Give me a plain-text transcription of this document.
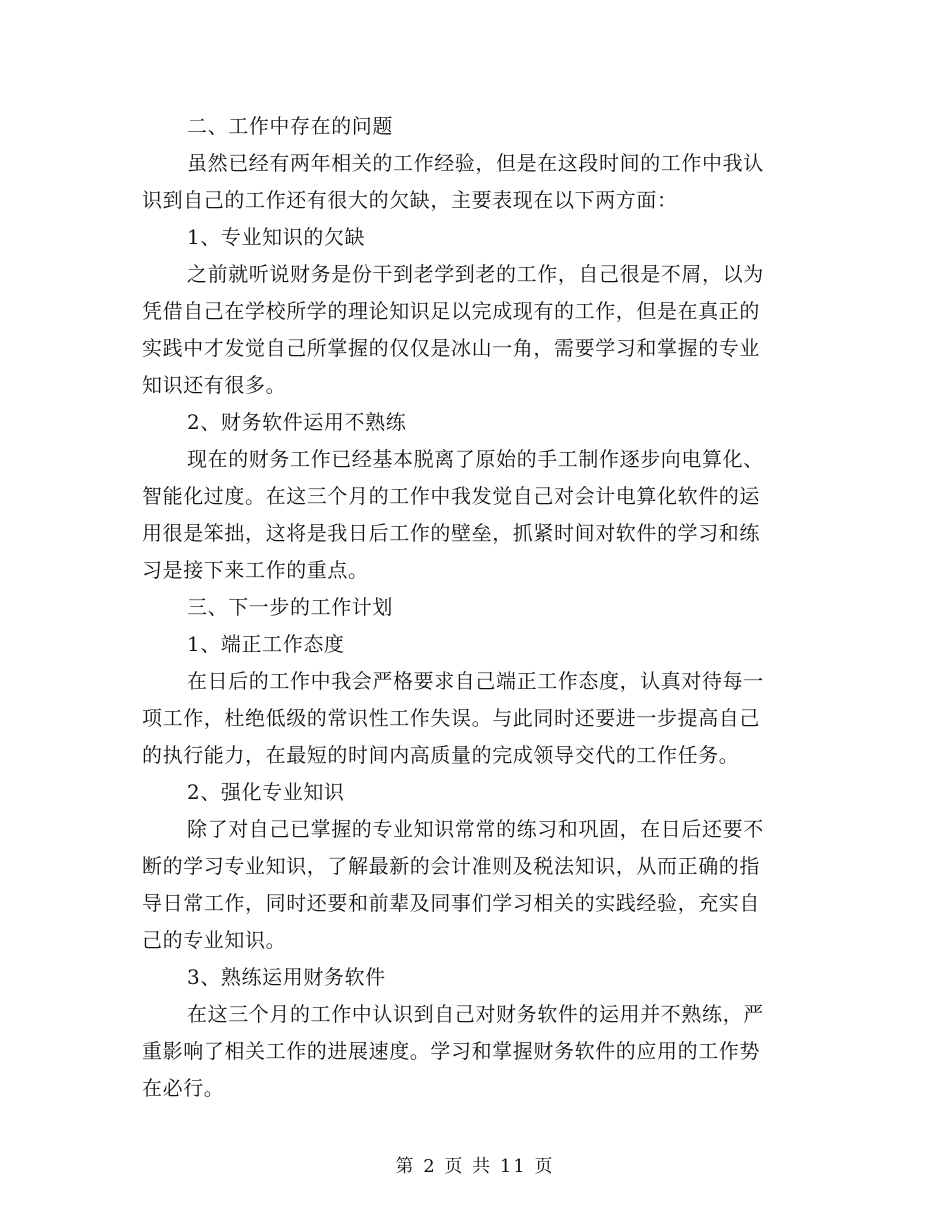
二、工作中存在的问题

虽然已经有两年相关的工作经验，但是在这段时间的工作中我认

识到自己的工作还有很大的欠缺，主要表现在以下两方面：

1、专业知识的欠缺

之前就听说财务是份干到老学到老的工作，自己很是不屑，以为

凭借自己在学校所学的理论知识足以完成现有的工作，但是在真正的

实践中才发觉自己所掌握的仅仅是冰山一角，需要学习和掌握的专业

知识还有很多。

2、财务软件运用不熟练

现在的财务工作已经基本脱离了原始的手工制作逐步向电算化、

智能化过度。在这三个月的工作中我发觉自己对会计电算化软件的运

用很是笨拙，这将是我日后工作的壁垒，抓紧时间对软件的学习和练

习是接下来工作的重点。

三、下一步的工作计划

1、端正工作态度

在日后的工作中我会严格要求自己端正工作态度，认真对待每一

项工作，杜绝低级的常识性工作失误。与此同时还要进一步提高自己

的执行能力，在最短的时间内高质量的完成领导交代的工作任务。

2、强化专业知识

除了对自己已掌握的专业知识常常的练习和巩固，在日后还要不

断的学习专业知识，了解最新的会计准则及税法知识，从而正确的指

导日常工作，同时还要和前辈及同事们学习相关的实践经验，充实自

己的专业知识。

3、熟练运用财务软件

在这三个月的工作中认识到自己对财务软件的运用并不熟练，严

重影响了相关工作的进展速度。学习和掌握财务软件的应用的工作势

在必行。

第 2 页 共 11 页
